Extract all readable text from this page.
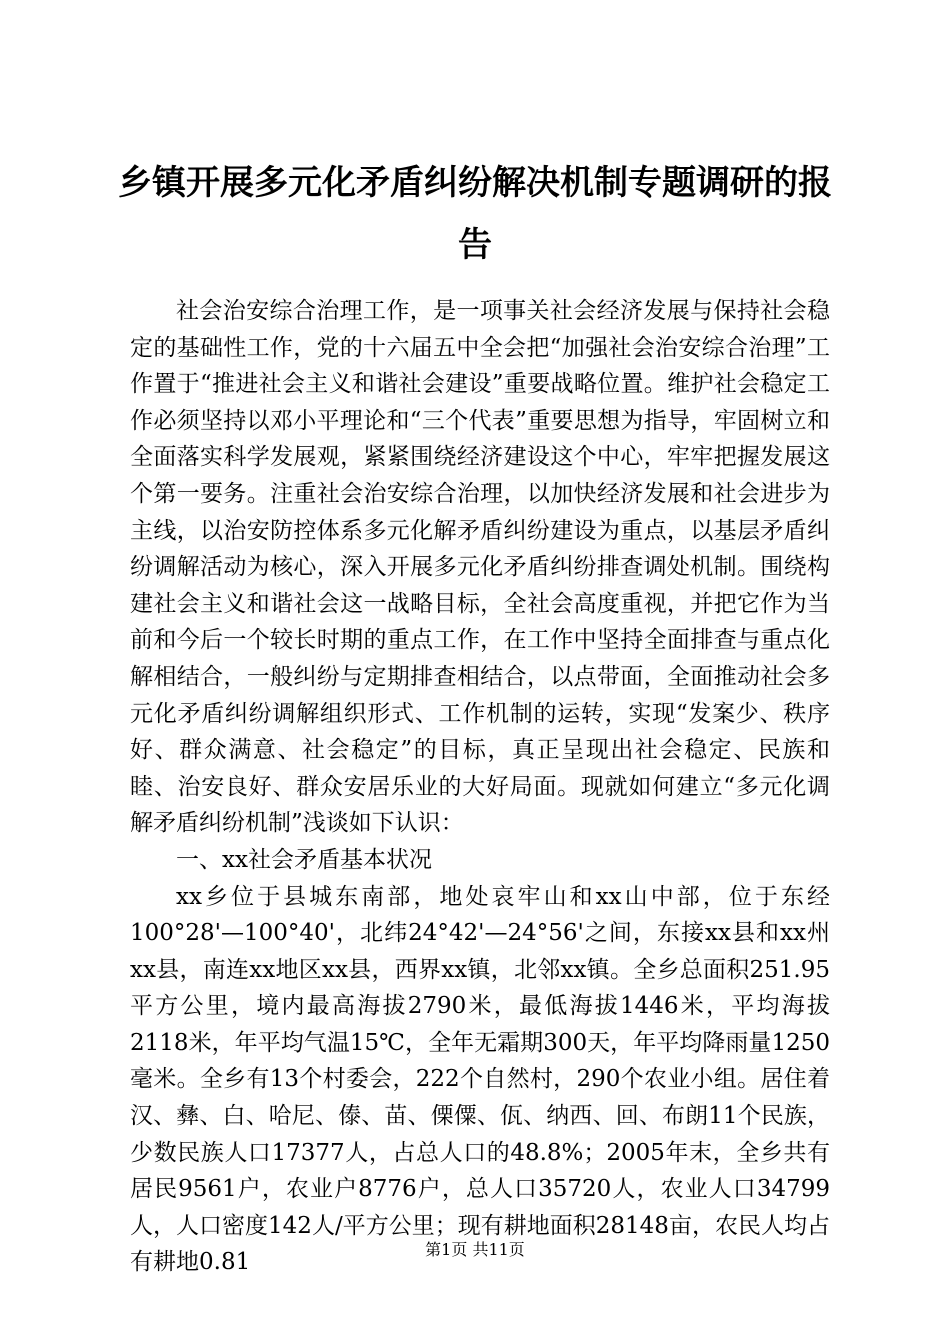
乡镇开展多元化矛盾纠纷解决机制专题调研的报告

社会治安综合治理工作，是一项事关社会经济发展与保持社会稳定的基础性工作，党的十六届五中全会把“加强社会治安综合治理”工作置于“推进社会主义和谐社会建设”重要战略位置。维护社会稳定工作必须坚持以邓小平理论和“三个代表”重要思想为指导，牢固树立和全面落实科学发展观，紧紧围绕经济建设这个中心，牢牢把握发展这个第一要务。注重社会治安综合治理，以加快经济发展和社会进步为主线，以治安防控体系多元化解矛盾纠纷建设为重点，以基层矛盾纠纷调解活动为核心，深入开展多元化矛盾纠纷排查调处机制。围绕构建社会主义和谐社会这一战略目标，全社会高度重视，并把它作为当前和今后一个较长时期的重点工作，在工作中坚持全面排查与重点化解相结合，一般纠纷与定期排查相结合，以点带面，全面推动社会多元化矛盾纠纷调解组织形式、工作机制的运转，实现“发案少、秩序好、群众满意、社会稳定”的目标，真正呈现出社会稳定、民族和睦、治安良好、群众安居乐业的大好局面。现就如何建立“多元化调解矛盾纠纷机制”浅谈如下认识：

一、xx社会矛盾基本状况

xx乡位于县城东南部，地处哀牢山和xx山中部，位于东经100°28'—100°40'，北纬24°42'—24°56'之间，东接xx县和xx州xx县，南连xx地区xx县，西界xx镇，北邻xx镇。全乡总面积251.95平方公里，境内最高海拔2790米，最低海拔1446米，平均海拔2118米，年平均气温15℃，全年无霜期300天，年平均降雨量1250毫米。全乡有13个村委会，222个自然村，290个农业小组。居住着汉、彝、白、哈尼、傣、苗、傈僳、佤、纳西、回、布朗11个民族，少数民族人口17377人，占总人口的48.8%；2005年末，全乡共有居民9561户，农业户8776户，总人口35720人，农业人口34799人，人口密度142人/平方公里；现有耕地面积28148亩，农民人均占有耕地0.81	第1页 共11页
